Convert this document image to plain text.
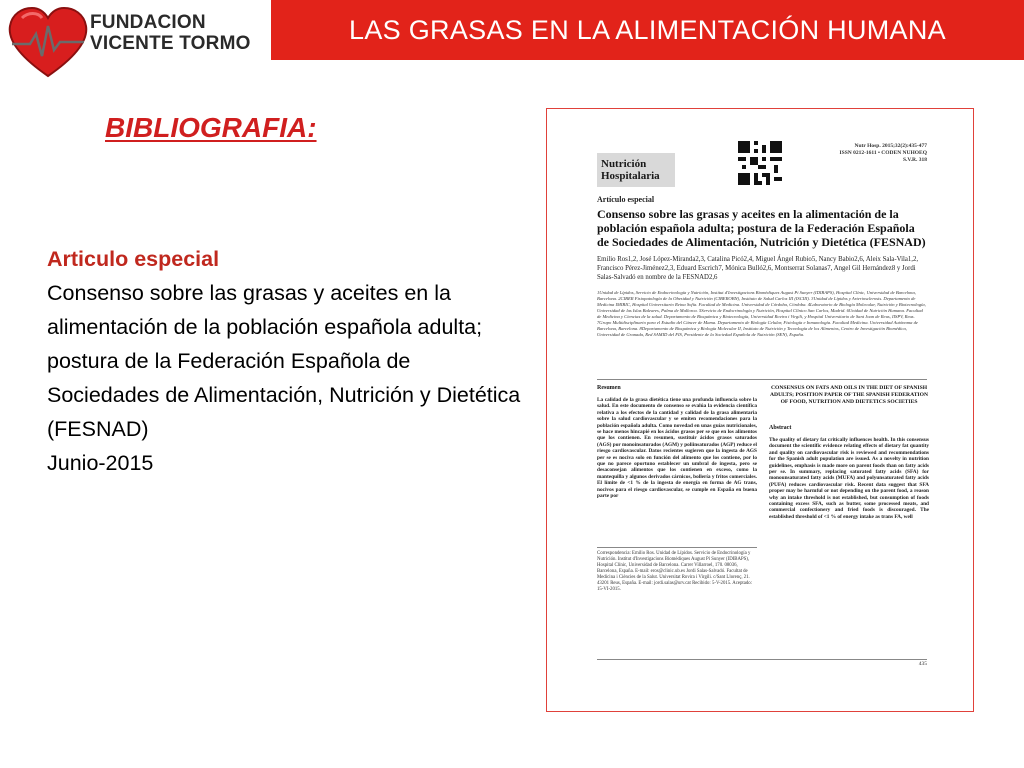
FUNDACION
VICENTE TORMO	LAS GRASAS EN LA ALIMENTACIÓN HUMANA
BIBLIOGRAFIA:
Articulo especial
Consenso sobre las grasas y aceites en la alimentación de la población española adulta; postura de la Federación Española de Sociedades de Alimentación, Nutrición y Dietética (FESNAD)
Junio-2015
Nutr Hosp. 2015;32(2):435-477
ISSN 0212-1611 • CODEN NUHOEQ
S.V.R. 318
Nutrición
Hospitalaria
Artículo especial
Consenso sobre las grasas y aceites en la alimentación de la población española adulta; postura de la Federación Española de Sociedades de Alimentación, Nutrición y Dietética (FESNAD)
Emilio Ros1,2, José López-Miranda2,3, Catalina Picó2,4, Miguel Ángel Rubio5, Nancy Babio2,6, Aleix Sala-Vila1,2, Francisco Pérez-Jiménez2,3, Eduard Escrich7, Mónica Bulló2,6, Montserrat Solanas7, Angel Gil Hernández8 y Jordi Salas-Salvadó en nombre de la FESNAD2,6
1Unidad de Lípidos, Servicio de Endocrinología y Nutrición, Institut d'Investigacions Biomèdiques August Pi Sunyer (IDIBAPS), Hospital Clínic, Universidad de Barcelona, Barcelona. 2CIBER Fisiopatología de la Obesidad y Nutrición (CIBEROBN), Instituto de Salud Carlos III (ISCIII). 3Unidad de Lípidos y Arteriosclerosis. Departamento de Medicina IMIBIC, Hospital Universitario Reina Sofía. Facultad de Medicina. Universidad de Córdoba, Córdoba. 4Laboratorio de Biología Molecular, Nutrición y Biotecnología, Universidad de las Islas Baleares, Palma de Mallorca. 5Servicio de Endocrinología y Nutrición, Hospital Clínico San Carlos, Madrid. 6Unidad de Nutrición Humana. Facultad de Medicina y Ciencias de la salud. Departamento de Bioquímica y Biotecnología, Universidad Rovira i Virgili, y Hospital Universitario de Sant Joan de Reus, IISPV, Reus. 7Grupo Multidisciplinario para el Estudio del Cáncer de Mama. Departamento de Biología Celular, Fisiología e Inmunología. Facultad Medicina. Universidad Autónoma de Barcelona, Barcelona. 8Departamento de Bioquímica y Biología Molecular II, Instituto de Nutrición y Tecnología de los Alimentos, Centro de Investigación Biomédica, Universidad de Granada, Red SAMID del FIS, Presidente de la Sociedad Española de Nutrición (SEN), España.
Resumen
La calidad de la grasa dietética tiene una profunda influencia sobre la salud. En este documento de consenso se evalúa la evidencia científica relativa a los efectos de la cantidad y calidad de la grasa alimentaria sobre la salud cardiovascular y se emiten recomendaciones para la población española adulta. Como novedad en unas guías nutricionales, se hace menos hincapié en los ácidos grasos per se que en los alimentos que los contienen. En resumen, sustituir ácidos grasos saturados (AGS) por monoinsaturados (AGM) y poliinsaturados (AGP) reduce el riesgo cardiovascular. Datos recientes sugieren que la ingesta de AGS per se es nociva solo en función del alimento que los contiene, por lo que no parece oportuno establecer un umbral de ingesta, pero se desaconsejan alimentos que los contienen en exceso, como la mantequilla y algunos derivados cárnicos, bollería y fritos comerciales. El límite de <1 % de la ingesta de energía en forma de AG trans, nocivos para el riesgo cardiovascular, se cumple en España en buena parte por
CONSENSUS ON FATS AND OILS IN THE DIET OF SPANISH ADULTS; POSITION PAPER OF THE SPANISH FEDERATION OF FOOD, NUTRITION AND DIETETICS SOCIETIES
Abstract
The quality of dietary fat critically influences health. In this consensus document the scientific evidence relating effects of dietary fat quantity and quality on cardiovascular risk is reviewed and recommendations for the Spanish adult population are issued. As a novelty in nutrition guidelines, emphasis is made more on parent foods than on fatty acids per se. In summary, replacing saturated fatty acids (SFA) for monounsaturated fatty acids (MUFA) and polyunsaturated fatty acids (PUFA) reduces cardiovascular risk. Recent data suggest that SFA proper may be harmful or not depending on the parent food, a reason why an intake threshold is not established, but consumption of foods containing excess SFA, such as butter, some processed meats, and commercial confectionery and fried foods is discouraged. The established threshold of <1 % of energy intake as trans FA, well
Correspondencia: Emilio Ros. Unidad de Lípidos. Servicio de Endocrinología y Nutrición. Institut d'Investigacions Biomèdiques August Pi Sunyer (IDIBAPS), Hospital Clínic, Universidad de Barcelona. Carrer Villarroel, 170. 08036, Barcelona, España. E-mail: eros@clinic.ub.es Jordi Salas-Salvadó. Facultat de Medicina i Ciències de la Salut. Universitat Rovira i Virgili. c/Sant Llorenç, 21. 43201 Reus, España. E-mail: jordi.salas@urv.cat Recibido: 5-V-2015. Aceptado: 15-VI-2015.
435
